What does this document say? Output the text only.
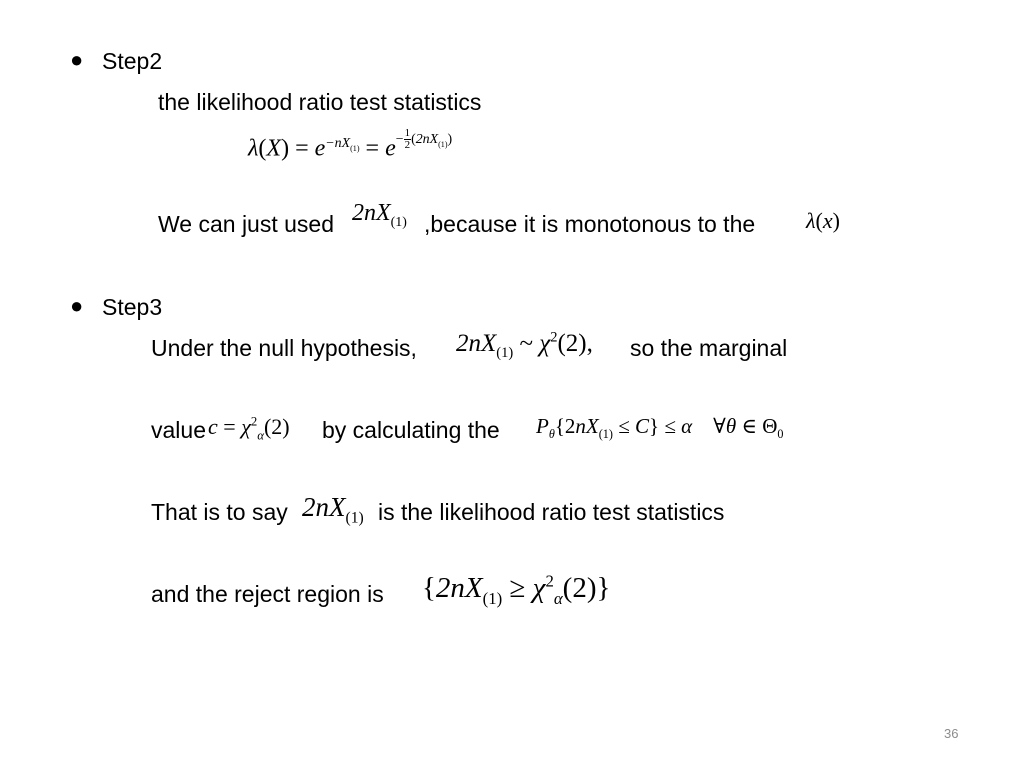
● Step2
the likelihood ratio test statistics
$\lambda(X) = e^{-nX_{(1)}} = e^{- \frac{1}{2} (2nX_{(1)})}$
We can just used $2nX_{(1)}$ ,because it is monotonous to the λ(x)
● Step3
Under the null hypothesis, $2nX_{(1)}$ ~ $\chi^2(2)$, so the marginal
value $c = \chi^2_\alpha(2)$ by calculating the $P_\theta\{2nX_{(1)} \le C\} \le \alpha$    ∀θ ∈ $\Theta_0$
That is to say $2nX_{(1)}$ is the likelihood ratio test statistics
and the reject region is $\{2nX_{(1)} \ge \chi^2_\alpha(2)\}$
36
